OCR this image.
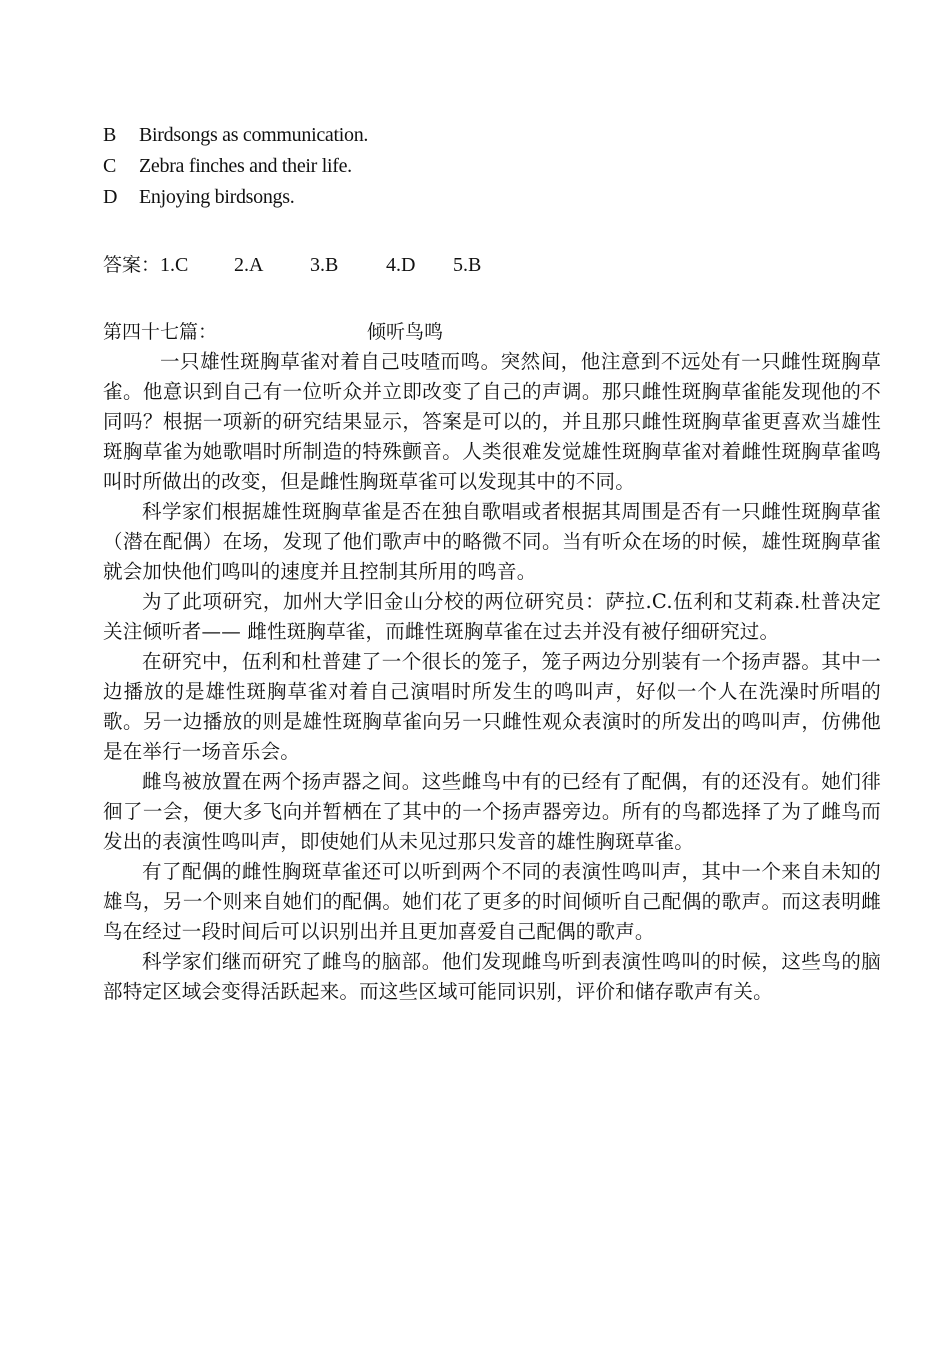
B Birdsongs as communication.
C Zebra finches and their life.
D Enjoying birdsongs.
答案：1.C 2.A 3.B 4.D 5.B
第四十七篇：	倾听鸟鸣

一只雄性斑胸草雀对着自己吱喳而鸣。突然间，他注意到不远处有一只雌性斑胸草雀。他意识到自己有一位听众并立即改变了自己的声调。那只雌性斑胸草雀能发现他的不同吗？根据一项新的研究结果显示，答案是可以的，并且那只雌性斑胸草雀更喜欢当雄性斑胸草雀为她歌唱时所制造的特殊颤音。人类很难发觉雄性斑胸草雀对着雌性斑胸草雀鸣叫时所做出的改变，但是雌性胸斑草雀可以发现其中的不同。

科学家们根据雄性斑胸草雀是否在独自歌唱或者根据其周围是否有一只雌性斑胸草雀（潜在配偶）在场，发现了他们歌声中的略微不同。当有听众在场的时候，雄性斑胸草雀就会加快他们鸣叫的速度并且控制其所用的鸣音。

为了此项研究，加州大学旧金山分校的两位研究员：萨拉.C.伍利和艾莉森.杜普决定关注倾听者—— 雌性斑胸草雀，而雌性斑胸草雀在过去并没有被仔细研究过。

在研究中，伍利和杜普建了一个很长的笼子，笼子两边分别装有一个扬声器。其中一边播放的是雄性斑胸草雀对着自己演唱时所发生的鸣叫声，好似一个人在洗澡时所唱的歌。另一边播放的则是雄性斑胸草雀向另一只雌性观众表演时的所发出的鸣叫声，仿佛他是在举行一场音乐会。

雌鸟被放置在两个扬声器之间。这些雌鸟中有的已经有了配偶，有的还没有。她们徘徊了一会，便大多飞向并暂栖在了其中的一个扬声器旁边。所有的鸟都选择了为了雌鸟而发出的表演性鸣叫声，即使她们从未见过那只发音的雄性胸斑草雀。

有了配偶的雌性胸斑草雀还可以听到两个不同的表演性鸣叫声，其中一个来自未知的雄鸟，另一个则来自她们的配偶。她们花了更多的时间倾听自己配偶的歌声。而这表明雌鸟在经过一段时间后可以识别出并且更加喜爱自己配偶的歌声。

科学家们继而研究了雌鸟的脑部。他们发现雌鸟听到表演性鸣叫的时候，这些鸟的脑部特定区域会变得活跃起来。而这些区域可能同识别，评价和储存歌声有关。
